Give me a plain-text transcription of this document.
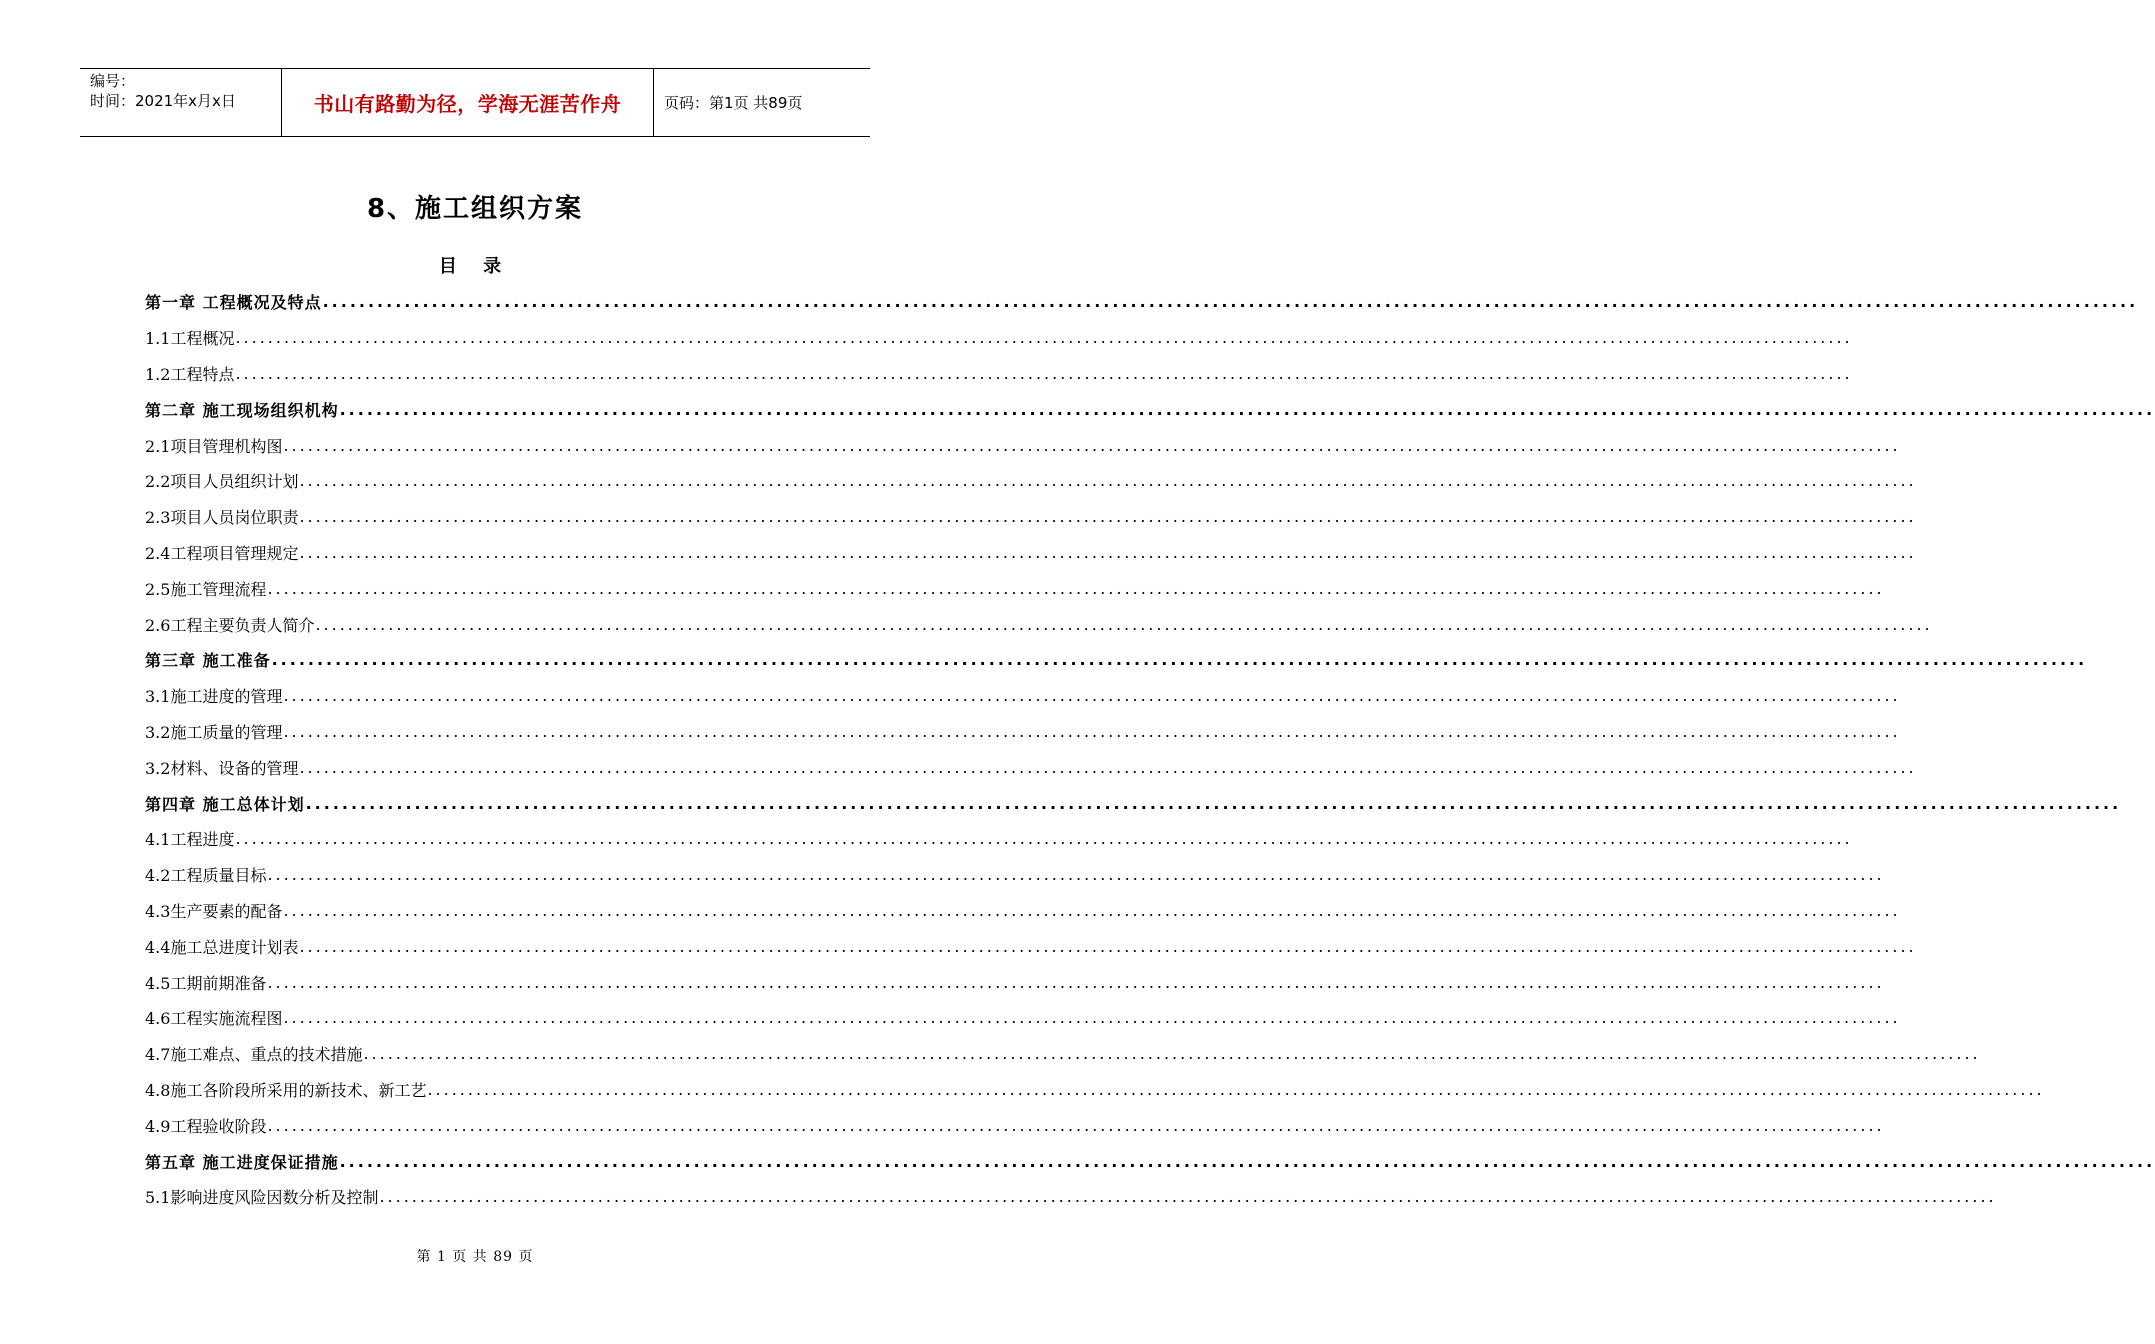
编号：
时间：2021年x月x日	书山有路勤为径，学海无涯苦作舟	页码：第1页 共89页
8、施工组织方案
目 录
第一章 工程概况及特点 ........................................................................................................................................................................................................
1.1工程概况 ........................................................................................................................................................................................................
1.2工程特点 ........................................................................................................................................................................................................
第二章 施工现场组织机构 ........................................................................................................................................................................................................
2.1项目管理机构图 ........................................................................................................................................................................................................
2.2项目人员组织计划 ........................................................................................................................................................................................................
2.3项目人员岗位职责 ........................................................................................................................................................................................................
2.4工程项目管理规定 ........................................................................................................................................................................................................
2.5施工管理流程 ........................................................................................................................................................................................................
2.6工程主要负责人简介 ........................................................................................................................................................................................................
第三章 施工准备 ........................................................................................................................................................................................................
3.1施工进度的管理 ........................................................................................................................................................................................................
3.2施工质量的管理 ........................................................................................................................................................................................................
3.2材料、设备的管理 ........................................................................................................................................................................................................
第四章 施工总体计划 ........................................................................................................................................................................................................
4.1工程进度 ........................................................................................................................................................................................................
4.2工程质量目标 ........................................................................................................................................................................................................
4.3生产要素的配备 ........................................................................................................................................................................................................
4.4施工总进度计划表 ........................................................................................................................................................................................................
4.5工期前期准备 ........................................................................................................................................................................................................
4.6工程实施流程图 ........................................................................................................................................................................................................
4.7施工难点、重点的技术措施 ........................................................................................................................................................................................................
4.8施工各阶段所采用的新技术、新工艺 ........................................................................................................................................................................................................
4.9工程验收阶段 ........................................................................................................................................................................................................
第五章 施工进度保证措施 ........................................................................................................................................................................................................
5.1影响进度风险因数分析及控制 ........................................................................................................................................................................................................
第 1 页 共 89 页
